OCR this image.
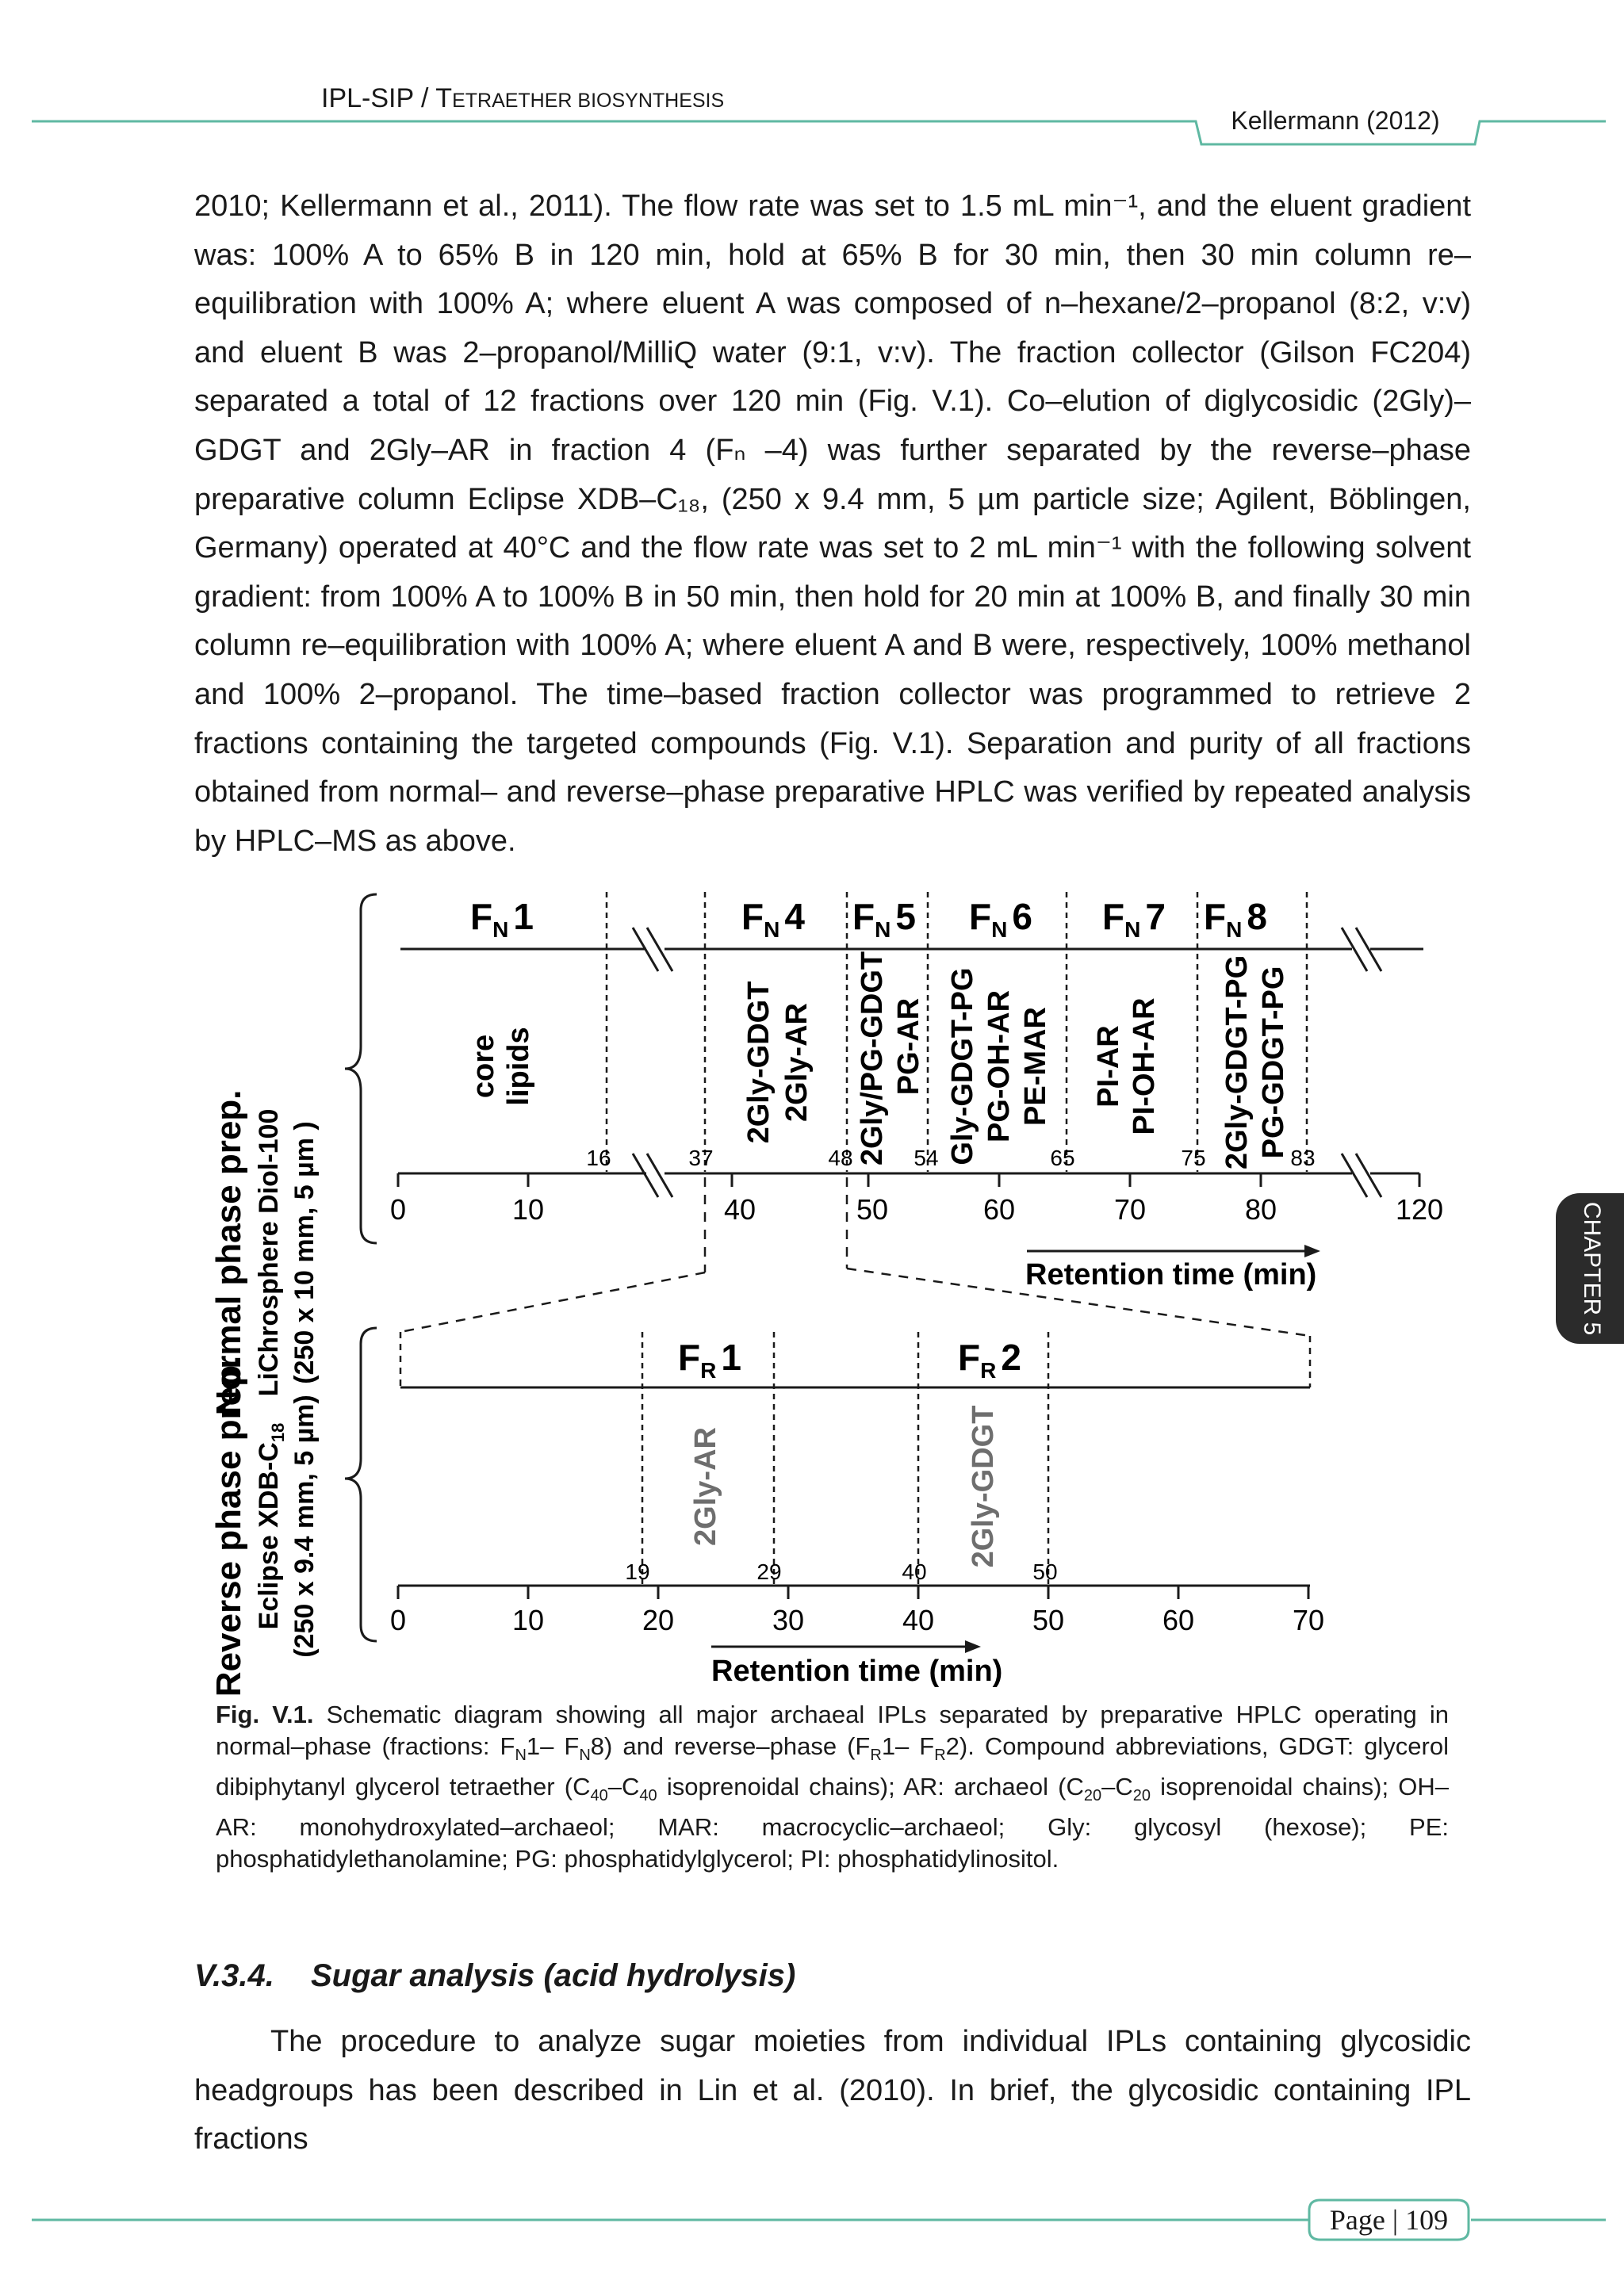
IPL-SIP / TETRAETHER BIOSYNTHESIS
Kellermann (2012)
CHAPTER 5

2010; Kellermann et al., 2011). The flow rate was set to 1.5 mL min⁻¹, and the eluent gradient was: 100% A to 65% B in 120 min, hold at 65% B for 30 min, then 30 min column re–equilibration with 100% A; where eluent A was composed of n–hexane/2–propanol (8:2, v:v) and eluent B was 2–propanol/MilliQ water (9:1, v:v). The fraction collector (Gilson FC204) separated a total of 12 fractions over 120 min (Fig. V.1). Co–elution of diglycosidic (2Gly)–GDGT and 2Gly–AR in fraction 4 (Fₙ –4) was further separated by the reverse–phase preparative column Eclipse XDB–C₁₈, (250 x 9.4 mm, 5 µm particle size; Agilent, Böblingen, Germany) operated at 40°C and the flow rate was set to 2 mL min⁻¹ with the following solvent gradient: from 100% A to 100% B in 50 min, then hold for 20 min at 100% B, and finally 30 min column re–equilibration with 100% A; where eluent A and B were, respectively, 100% methanol and 100% 2–propanol. The time–based fraction collector was programmed to retrieve 2 fractions containing the targeted compounds (Fig. V.1). Separation and purity of all fractions obtained from normal– and reverse–phase preparative HPLC was verified by repeated analysis by HPLC–MS as above.

Normal phase prep. LiChrosphere Diol-100 (250 x 10 mm, 5 µm ) 0	10	40	50	60	70	80	120
16	37	48	54	65	75	83
$F_N$ 1	$F_N$ 4 $F_N$ 5 $F_N$ 6 $F_N$ 7 $F_N$ 8
core lipids	2Gly-GDGT 2Gly-AR 2Gly/PG-GDGT PG-AR Gly-GDGT-PG PG-OH-AR PE-MAR PI-AR PI-OH-AR 2Gly-GDGT-PG PG-GDGT-PG
Retention time (min)
Reverse phase prep. Eclipse XDB-$C_{18}$ (250 x 9.4 mm, 5 µm) 0	10	20	30	40	50	60	70
19	29	40	50
$F_R$ 1	$F_R$ 2
2Gly-AR	2Gly-GDGT
Retention time (min)

Fig. V.1. Schematic diagram showing all major archaeal IPLs separated by preparative HPLC operating in normal–phase (fractions: $F_N1-$ $F_N8$) and reverse–phase ($F_R1-$ $F_R2$). Compound abbreviations, GDGT: glycerol dibiphytanyl glycerol tetraether ($C_{40}-C_{40}$ isoprenoidal chains); AR: archaeol ($C_{20}-C_{20}$ isoprenoidal chains); OH–AR: monohydroxylated–archaeol; MAR: macrocyclic–archaeol; Gly: glycosyl (hexose); PE: phosphatidylethanolamine; PG: phosphatidylglycerol; PI: phosphatidylinositol.

V.3.4. Sugar analysis (acid hydrolysis)

The procedure to analyze sugar moieties from individual IPLs containing glycosidic headgroups has been described in Lin et al. (2010). In brief, the glycosidic containing IPL fractions

Page | 109
